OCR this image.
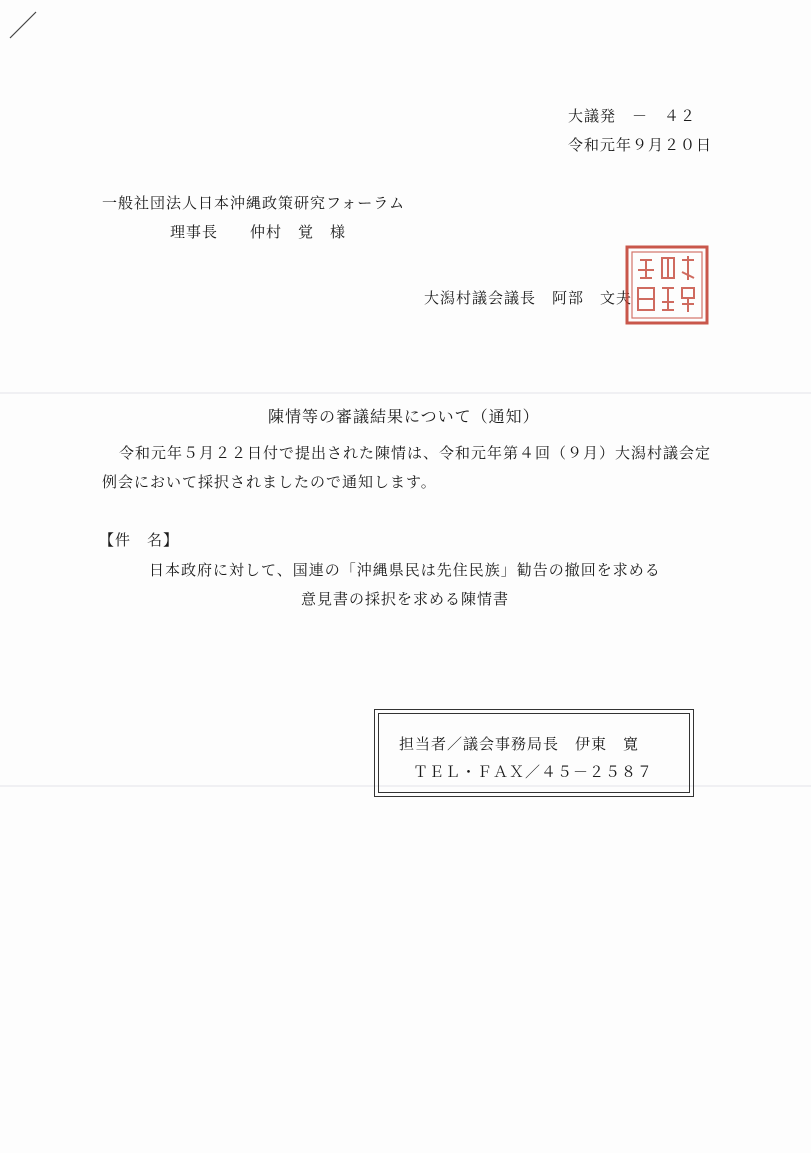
大議発　－　４２
令和元年９月２０日
一般社団法人日本沖縄政策研究フォーラム
理事長　　仲村　覚　様
大潟村議会議長　阿部　文夫
陳情等の審議結果について（通知）
令和元年５月２２日付で提出された陳情は、令和元年第４回（９月）大潟村議会定
例会において採択されましたので通知します。
【件　名】
日本政府に対して、国連の「沖縄県民は先住民族」勧告の撤回を求める
意見書の採択を求める陳情書
担当者／議会事務局長　伊東　寛
ＴＥＬ・ＦＡＸ／４５－２５８７
